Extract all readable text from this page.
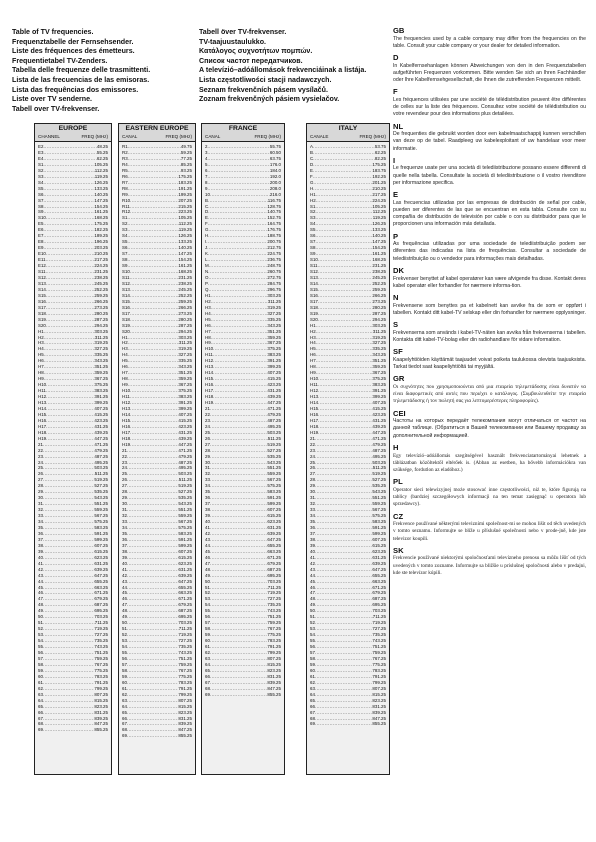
Table of TV frequencies.
Frequenztabelle der Fernsehsender.
Liste des fréquences des émetteurs.
Frequentietabel TV-Zenders.
Tabella delle frequenze delle trasmittenti.
Lista de las frecuencias de las emisoras.
Lista das frequências dos emissores.
Liste over TV senderne.
Tabell over TV-frekvenser.
Tabell över TV-frekvenser.
TV-taajuustaulukko.
Κατάλογος συχνοτήτων πομπών.
Список частот передатчиков.
A televízió–adóállomások frekvenciáinak a listája.
Lista częstotliwości stacji nadawczych.
Seznam frekvenčních pásem vysílačů.
Zoznam frekvenčných pásiem vysielačov.
EUROPE
CHANNEL	FREQ (MHz)
E2 .....	48.25
E3 .....	55.25
E4 .....	62.25
S1 .....	105.25
S2 .....	112.25
S3 .....	119.25
S4 .....	126.25
S5 .....	133.25
S6 .....	140.25
S7 .....	147.25
S8 .....	154.25
S9 .....	161.25
S10 .....	168.25
E5 .....	175.25
E6 .....	182.25
E7 .....	189.25
E8 .....	196.25
E9 .....	203.25
E10 .....	210.25
E11 .....	217.25
E12 .....	224.25
S11 .....	231.25
S12 .....	238.25
S13 .....	245.25
S14 .....	252.25
S15 .....	259.25
S16 .....	266.25
S17 .....	273.25
S18 .....	280.25
S19 .....	287.25
S20 .....	294.25
H1 .....	303.25
H2 .....	311.25
H3 .....	319.25
H4 .....	327.25
H5 .....	335.25
H6 .....	343.25
H7 .....	351.25
H8 .....	359.25
H9 .....	367.25
H10 .....	375.25
H11 .....	383.25
H12 .....	391.25
H13 .....	399.25
H14 .....	407.25
H15 .....	415.25
H16 .....	423.25
H17 .....	431.25
H18 .....	439.25
H19 .....	447.25
21 .....	471.25
22 .....	479.25
23 .....	487.25
24 .....	495.25
25 .....	503.25
26 .....	511.25
27 .....	519.25
28 .....	527.25
29 .....	535.25
30 .....	543.25
31 .....	551.25
32 .....	559.25
33 .....	567.25
34 .....	575.25
35 .....	583.25
36 .....	591.25
37 .....	599.25
38 .....	607.25
39 .....	615.25
40 .....	623.25
41 .....	631.25
42 .....	639.25
43 .....	647.25
44 .....	655.25
45 .....	663.25
46 .....	671.25
47 .....	679.25
48 .....	687.25
49 .....	695.25
50 .....	703.25
51 .....	711.25
52 .....	719.25
53 .....	727.25
54 .....	735.25
55 .....	743.25
56 .....	751.25
57 .....	759.25
58 .....	767.25
59 .....	775.25
60 .....	783.25
61 .....	791.25
62 .....	799.25
63 .....	807.25
64 .....	815.25
65 .....	823.25
66 .....	831.25
67 .....	839.25
68 .....	847.25
69 .....	855.25
EASTERN EUROPE
CANAL	FREQ (MHz)
R1 .....	49.75
R2 .....	59.25
R3 .....	77.25
R4 .....	85.25
R5 .....	93.25
R6 .....	175.25
R7 .....	183.25
R8 .....	191.25
R9 .....	199.25
R10 .....	207.25
R11 .....	215.25
R12 .....	223.25
S1 .....	105.25
S2 .....	112.25
S3 .....	119.25
S4 .....	126.25
S5 .....	133.25
S6 .....	140.25
S7 .....	147.25
S8 .....	154.25
S9 .....	161.25
S10 .....	168.25
S11 .....	231.25
S12 .....	238.25
S13 .....	245.25
S14 .....	252.25
S15 .....	259.25
S16 .....	266.25
S17 .....	273.25
S18 .....	280.25
S19 .....	287.25
S20 .....	294.25
H1 .....	303.25
H2 .....	311.25
H3 .....	319.25
H4 .....	327.25
H5 .....	335.25
H6 .....	343.25
H7 .....	351.25
H8 .....	359.25
H9 .....	367.25
H10 .....	375.25
H11 .....	383.25
H12 .....	391.25
H13 .....	399.25
H14 .....	407.25
H15 .....	415.25
H16 .....	423.25
H17 .....	431.25
H18 .....	439.25
H19 .....	447.25
21 .....	471.25
22 .....	479.25
23 .....	487.25
24 .....	495.25
25 .....	503.25
26 .....	511.25
27 .....	519.25
28 .....	527.25
29 .....	535.25
30 .....	543.25
31 .....	551.25
32 .....	559.25
33 .....	567.25
34 .....	575.25
35 .....	583.25
36 .....	591.25
37 .....	599.25
38 .....	607.25
39 .....	615.25
40 .....	623.25
41 .....	631.25
42 .....	639.25
43 .....	647.25
44 .....	655.25
45 .....	663.25
46 .....	671.25
47 .....	679.25
48 .....	687.25
49 .....	695.25
50 .....	703.25
51 .....	711.25
52 .....	719.25
53 .....	727.25
54 .....	735.25
55 .....	743.25
56 .....	751.25
57 .....	759.25
58 .....	767.25
59 .....	775.25
60 .....	783.25
61 .....	791.25
62 .....	799.25
63 .....	807.25
64 .....	815.25
65 .....	823.25
66 .....	831.25
67 .....	839.25
68 .....	847.25
69 .....	855.25
FRANCE
CANAL	FREQ (MHz)
2 .....	55.75
3 .....	60.50
4 .....	63.75
5 .....	176.0
6 .....	184.0
7 .....	192.0
8 .....	200.0
9 .....	208.0
10 .....	216.0
B .....	116.75
C .....	128.75
D .....	140.75
E .....	152.75
F .....	164.75
G .....	176.75
H .....	188.75
I .....	200.75
J .....	212.75
K .....	224.75
L .....	236.75
M .....	248.75
N .....	260.75
O .....	272.75
P .....	284.75
Q .....	296.75
H1 .....	303.25
H2 .....	311.25
H3 .....	319.25
H4 .....	327.25
H5 .....	335.25
H6 .....	343.25
H7 .....	351.25
H8 .....	359.25
H9 .....	367.25
H10 .....	375.25
H11 .....	383.25
H12 .....	391.25
H13 .....	399.25
H14 .....	407.25
H15 .....	415.25
H16 .....	423.25
H17 .....	431.25
H18 .....	439.25
H19 .....	447.25
21 .....	471.25
22 .....	479.25
23 .....	487.25
24 .....	495.25
25 .....	503.25
26 .....	511.25
27 .....	519.25
28 .....	527.25
29 .....	535.25
30 .....	543.25
31 .....	551.25
32 .....	559.25
33 .....	567.25
34 .....	575.25
35 .....	583.25
36 .....	591.25
37 .....	599.25
38 .....	607.25
39 .....	615.25
40 .....	623.25
41 .....	631.25
42 .....	639.25
43 .....	647.25
44 .....	655.25
45 .....	663.25
46 .....	671.25
47 .....	679.25
48 .....	687.25
49 .....	695.25
50 .....	703.25
51 .....	711.25
52 .....	719.25
53 .....	727.25
54 .....	735.25
55 .....	743.25
56 .....	751.25
57 .....	759.25
58 .....	767.25
59 .....	775.25
60 .....	783.25
61 .....	791.25
62 .....	799.25
63 .....	807.25
64 .....	815.25
65 .....	823.25
66 .....	831.25
67 .....	839.25
68 .....	847.25
69 .....	855.25
ITALY
CANALE	FREQ (MHz)
A .....	53.75
B .....	62.25
C .....	82.25
D .....	175.25
E .....	183.75
F .....	192.25
G .....	201.25
H .....	210.25
H1 .....	217.25
H2 .....	224.25
S1 .....	105.25
S2 .....	112.25
S3 .....	119.25
S4 .....	126.25
S5 .....	133.25
S6 .....	140.25
S7 .....	147.25
S8 .....	154.25
S9 .....	161.25
S10 .....	168.25
S11 .....	231.25
S12 .....	238.25
S13 .....	245.25
S14 .....	252.25
S15 .....	259.25
S16 .....	266.25
S17 .....	273.25
S18 .....	280.25
S19 .....	287.25
S20 .....	294.25
H1 .....	303.25
H2 .....	311.25
H3 .....	319.25
H4 .....	327.25
H5 .....	335.25
H6 .....	343.25
H7 .....	351.25
H8 .....	359.25
H9 .....	367.25
H10 .....	375.25
H11 .....	383.25
H12 .....	391.25
H13 .....	399.25
H14 .....	407.25
H15 .....	415.25
H16 .....	423.25
H17 .....	431.25
H18 .....	439.25
H19 .....	447.25
21 .....	471.25
22 .....	479.25
23 .....	487.25
24 .....	495.25
25 .....	503.25
26 .....	511.25
27 .....	519.25
28 .....	527.25
29 .....	535.25
30 .....	543.25
31 .....	551.25
32 .....	559.25
33 .....	567.25
34 .....	575.25
35 .....	583.25
36 .....	591.25
37 .....	599.25
38 .....	607.25
39 .....	615.25
40 .....	623.25
41 .....	631.25
42 .....	639.25
43 .....	647.25
44 .....	655.25
45 .....	663.25
46 .....	671.25
47 .....	679.25
48 .....	687.25
49 .....	695.25
50 .....	703.25
51 .....	711.25
52 .....	719.25
53 .....	727.25
54 .....	735.25
55 .....	743.25
56 .....	751.25
57 .....	759.25
58 .....	767.25
59 .....	775.25
60 .....	783.25
61 .....	791.25
62 .....	799.25
63 .....	807.25
64 .....	815.25
65 .....	823.25
66 .....	831.25
67 .....	839.25
68 .....	847.25
69 .....	855.25
GB
The frequencies used by a cable company may differ from the frequencies on the table. Consult your cable company or your dealer for detailed information.
D
In Kabelfernsehanlagen können Abweichungen von den in den Frequenztabellen aufgeführten Frequenzen vorkommen. Bitte wenden Sie sich an Ihren Fachhändler oder Ihre Kabelfernsehgesellschaft, die Ihnen die zutreffenden Frequenzen mitteilt.
F
Les fréquences utilisées par une société de télédistribution peuvent être différentes de celles sur la liste des fréquences. Consultez votre société de télédistribution ou votre revendeur pour des informations plus detailées.
NL
De frequenties die gebruikt worden door een kabelmaatschappij kunnen verschillen van deze op de tabel. Raadpleeg uw kabelexploitant of uw handelaar voor meer informatie.
I
Le frequenze usate per una società di telediistribuzione possano essere differenti di quelle nella tabella. Consultate la società di telediistribuzione o il vostro rivenditore per informazione specifica.
E
Las frecuencias utilizadas por las empresas de distribución de señal por cable, pueden ser diferentes de las que se encuentran en esta tabla. Consulte con su compañia de distribución de televisión por cable o con su distribuidor para que le proporcionen una información más detallada.
P
As frequências utilizadas por uma sociedade de telediistribuição podem ser diferentes das indicadas na lista de frequências. Consultar a sociedade de telediistribuição ou o vendedor para informações mais detalhadas.
DK
Frekvenser benyttet af kabel operatører kan være afvigende fra disse. Kontakt deres kabel operatør eller forhandler for nærmere informa-tion.
N
Frekvensene som benyttes pa et kabelnett kan avvike fra de som er oppført i tabellen. Kontakt ditt kabel-TV selskap eller din forhandler for nærmere opplysninger.
S
Frekvenserna som används i kabel-TV-näten kan avvika från frekvenserna i tabellen. Kontakta ditt kabel-TV-bolag eller din radiohandlare för vidare information.
SF
Kaapelyhtiöiden käyttämät taajuudet voivat poiketa taulukossa olevista taajuuksista. Tarkat tiedot saat kaapeliyhtiöltä tai myyjältä.
GR
Οι συχνότητες που χρησιμοποιούνται από μια εταιρεία τηλεμετάδοσης είναι δυνατόν να είναι διαφορετικές από αυτές που περιέχει ο κατάλογος. (Συμβουλευθείτε την εταιρεία τηλεμετάδοσης ή τον πωλητή σας για λεπτομερέστερες πληροφορίες).
CEI
Частоты на которых передаёт телекомпания могут отличаться от частот на данной таблице. (Обратиться в Вашей телекомпании или Вашему продавцу за дополнительной информацией.
H
Egy televízió–adóállomás szegítségével használt frekvenciatartományai lehetnek a táblázatban közöltektől eltérőek is. (Abban az esetben, ha bővebb információkra van szüksége, fordutlon az eladóhoz.)
PL
Operator sieci telewizyjnej może stosować inne częstotliwości, niż te, które figurują na tablicy (bardziej szczegółowych informacji na ten temat zasięgnąć u operatora lub sprzedawcy).
CZ
Frekvence používané některými televizními společnost-mi se mohou lišit od těch uvedených v tomto seznamu. Informujte se blíže u příslušné společnosti nebo v prode-jně, kde jste televizor koupili.
SK
Frekvencie používané niektorými spoločnosťami televízneho prenosu sa môžu líšiť od tých uvedených v tomto zozname. Informujte sa bližšie u príslušnej spoločnosti alebo v predajni, kde ste televízor kúpili.
